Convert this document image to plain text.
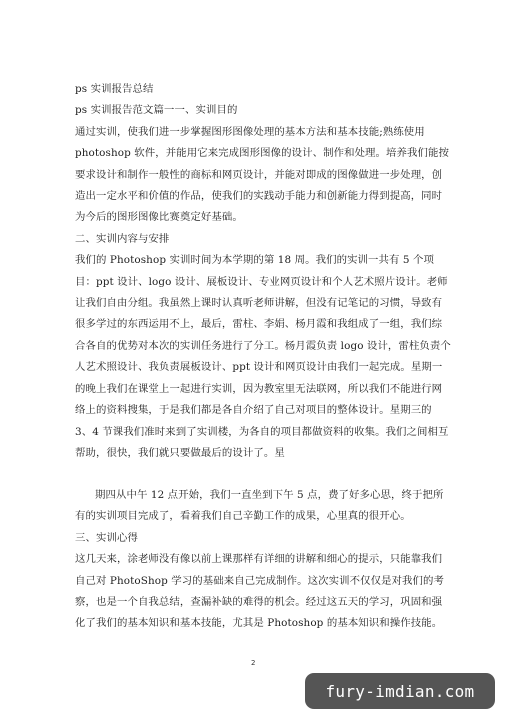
ps 实训报告总结

ps 实训报告范文篇一一、实训目的

通过实训，使我们进一步掌握图形图像处理的基本方法和基本技能;熟练使用 photoshop 软件，并能用它来完成图形图像的设计、制作和处理。培养我们能按要求设计和制作一般性的商标和网页设计，并能对即成的图像做进一步处理，创造出一定水平和价值的作品，使我们的实践动手能力和创新能力得到提高，同时为今后的图形图像比赛奠定好基础。

二、实训内容与安排

我们的 Photoshop 实训时间为本学期的第 18 周。我们的实训一共有 5 个项目：ppt 设计、logo 设计、展板设计、专业网页设计和个人艺术照片设计。老师让我们自由分组。我虽然上课时认真听老师讲解，但没有记笔记的习惯，导致有很多学过的东西运用不上，最后，雷柱、李娟、杨月霞和我组成了一组，我们综合各自的优势对本次的实训任务进行了分工。杨月霞负责 logo 设计，雷柱负责个人艺术照设计、我负责展板设计、ppt 设计和网页设计由我们一起完成。星期一的晚上我们在课堂上一起进行实训，因为教室里无法联网，所以我们不能进行网络上的资料搜集，于是我们都是各自介绍了自己对项目的整体设计。星期三的 3、4 节课我们准时来到了实训楼，为各自的项目都做资料的收集。我们之间相互帮助，很快，我们就只要做最后的设计了。星

期四从中午 12 点开始，我们一直坐到下午 5 点，费了好多心思，终于把所有的实训项目完成了，看着我们自己辛勤工作的成果，心里真的很开心。

三、实训心得

这几天来，涂老师没有像以前上课那样有详细的讲解和细心的提示，只能靠我们自己对 PhotoShop 学习的基础来自己完成制作。这次实训不仅仅是对我们的考察，也是一个自我总结，查漏补缺的难得的机会。经过这五天的学习，巩固和强化了我们的基本知识和基本技能，尤其是 Photoshop 的基本知识和操作技能。

2
fury-imdian.com
